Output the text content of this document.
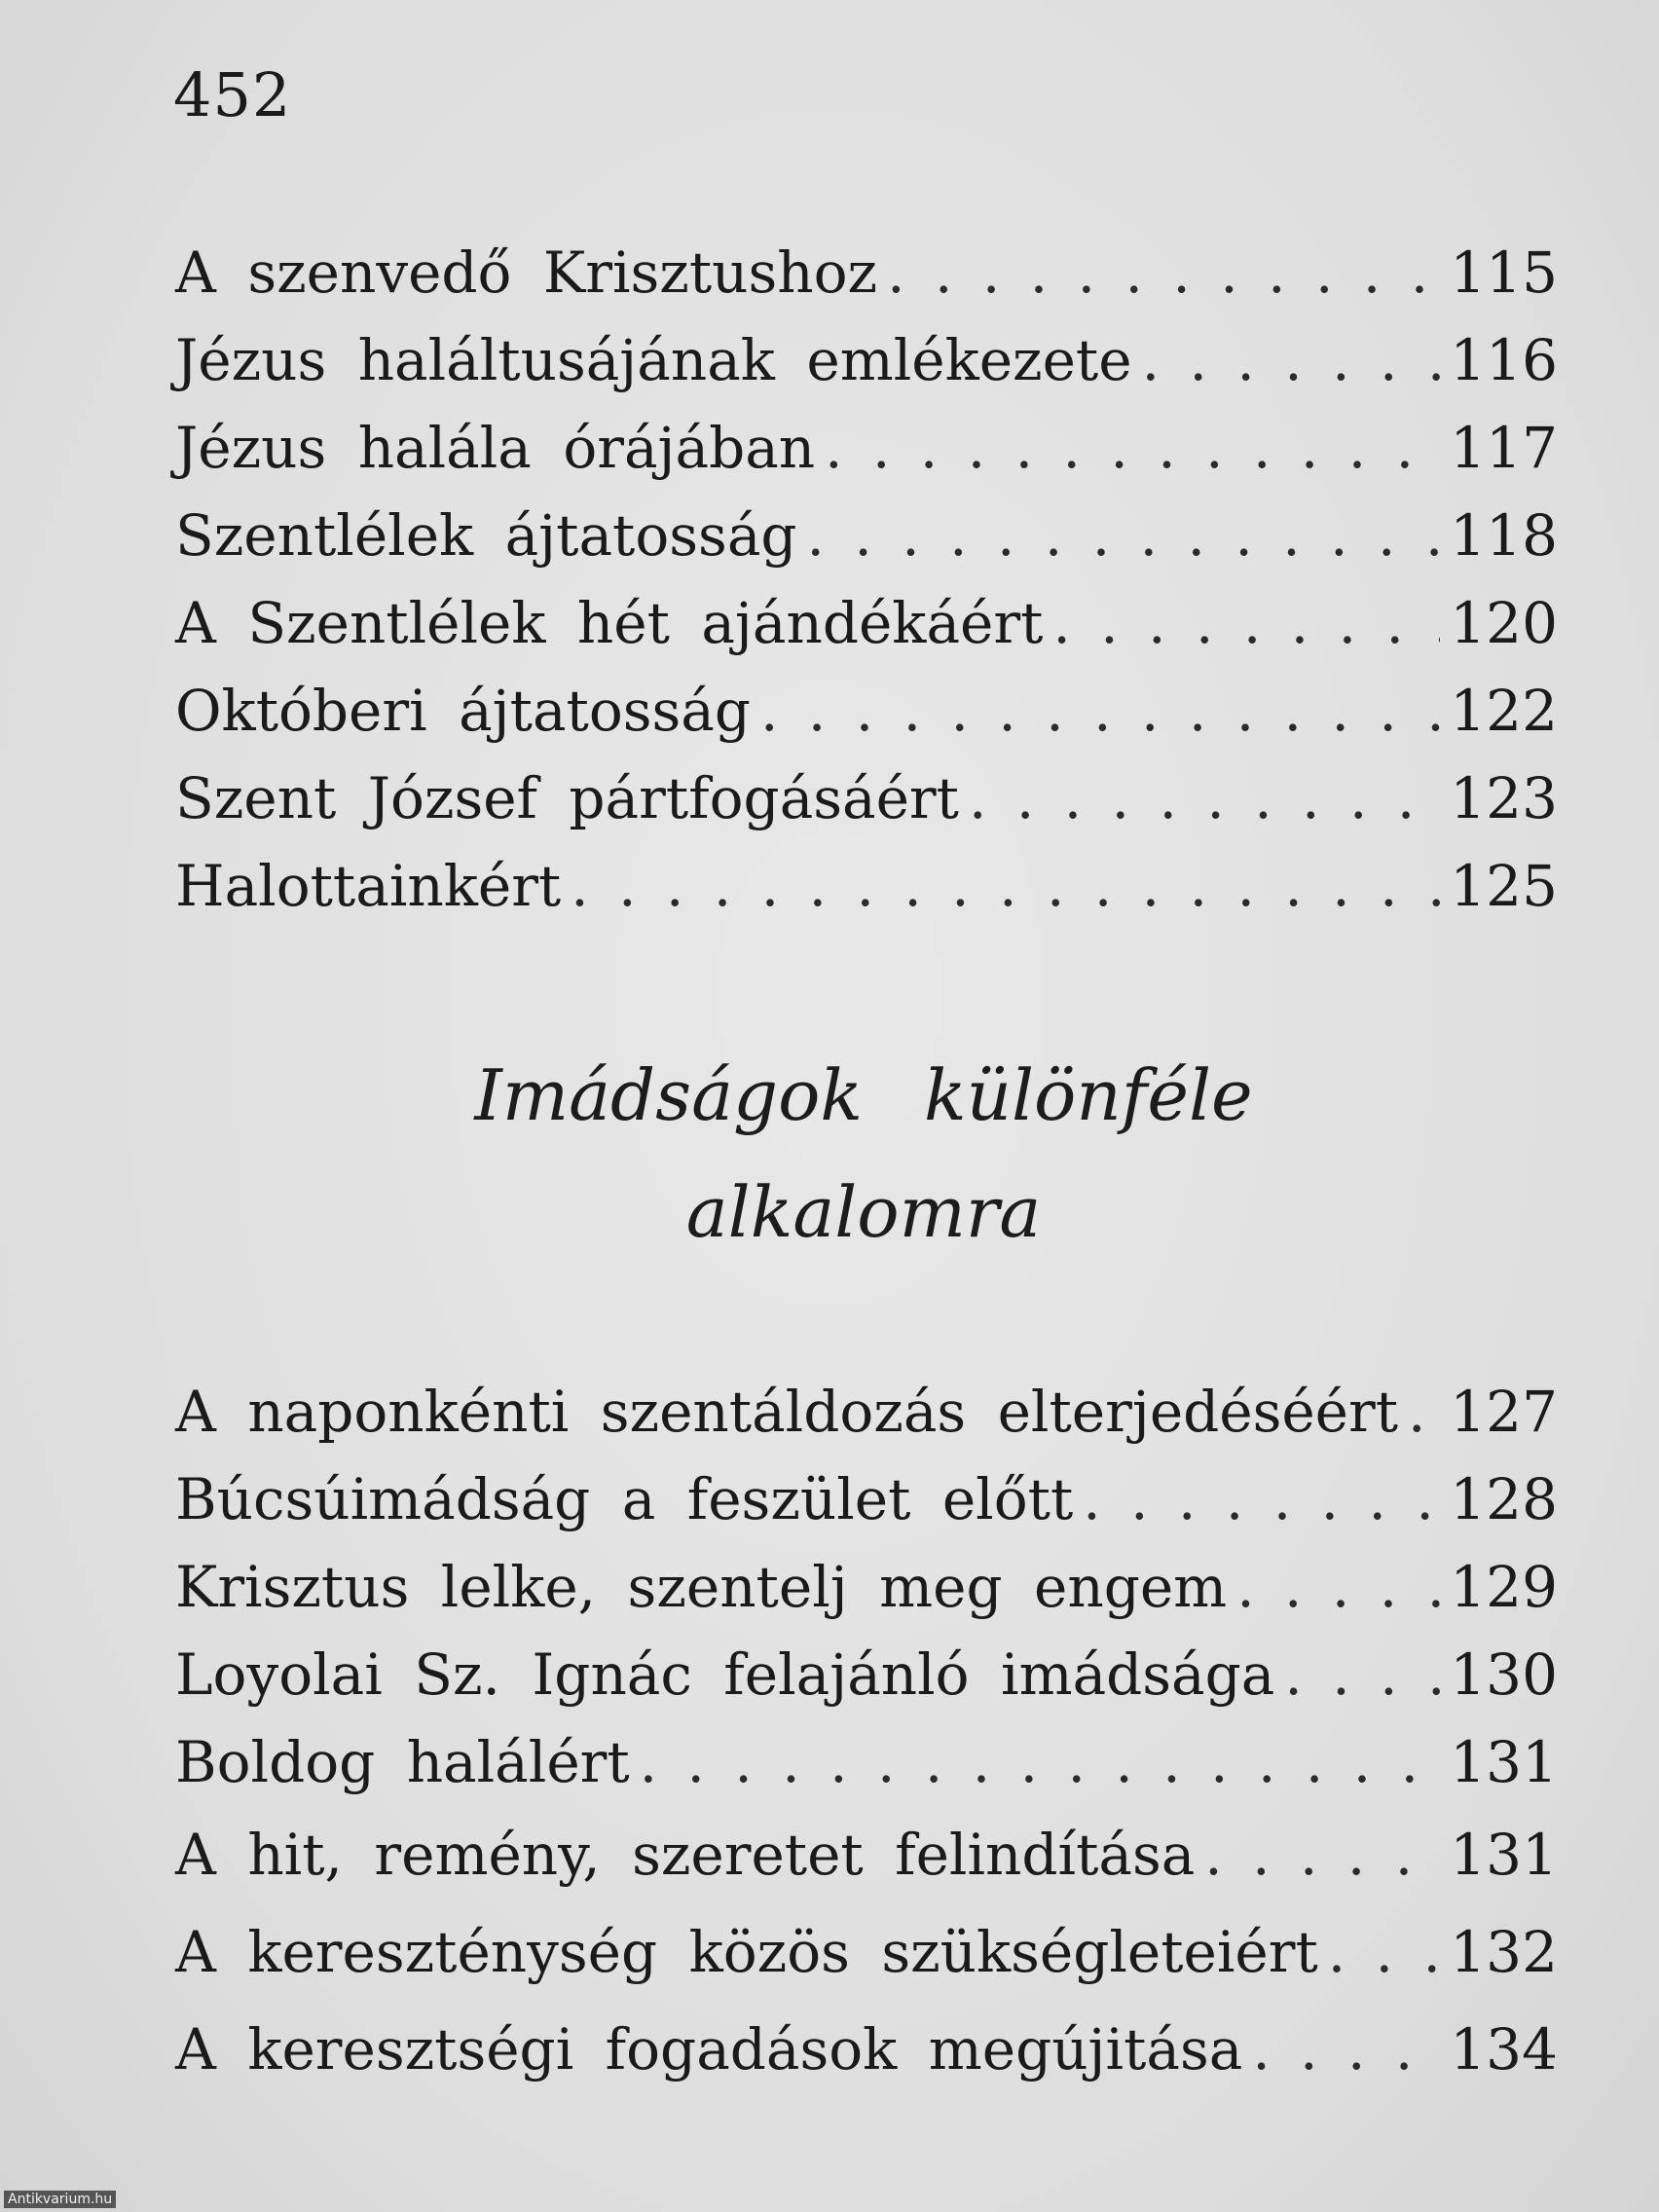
452
A szenvedő Krisztushoz . . .	115
Jézus haláltusájának emlékezete . . .	116
Jézus halála órájában . . .	117
Szentlélek ájtatosság . . .	118
A Szentlélek hét ajándékáért . . .	120
Októberi ájtatosság . . .	122
Szent József pártfogásáért . . .	123
Halottainkért . . .	125
Imádságok különféle
alkalomra
A naponkénti szentáldozás elterjedéséért . . . 127
Búcsúimádság a feszület előtt . . .	128
Krisztus lelke, szentelj meg engem . . .	129
Loyolai Sz. Ignác felajánló imádsága . . .	130
Boldog halálért . . .	131
A hit, remény, szeretet felindítása . . .	131
A kereszténység közös szükségleteiért . . . 132
A keresztségi fogadások megújitása . . .	134
Antikvarium.hu
